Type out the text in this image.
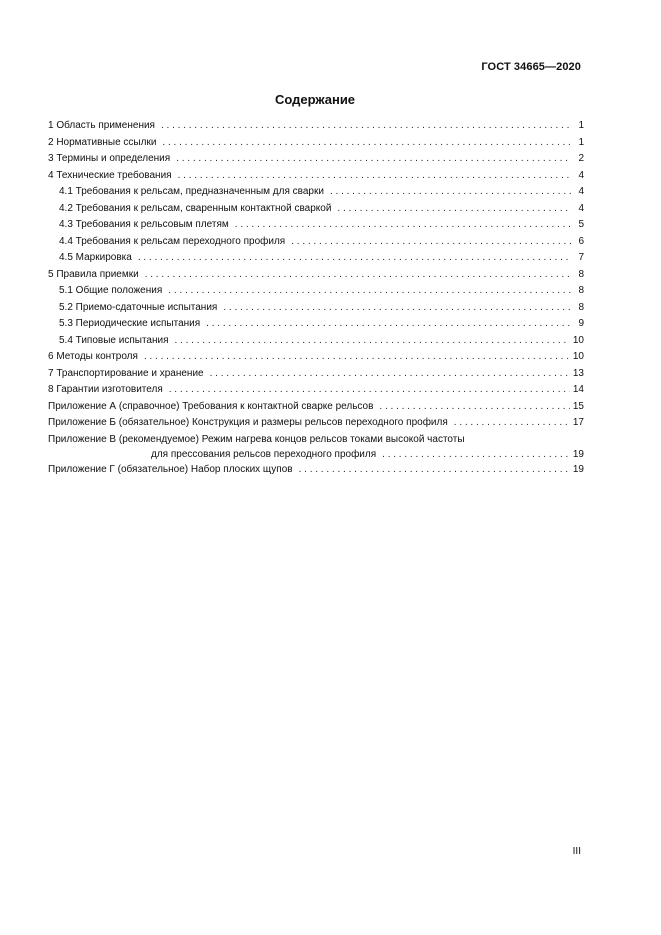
ГОСТ 34665—2020
Содержание
1 Область применения . . .	1
2 Нормативные ссылки . . .	1
3 Термины и определения . . .	2
4 Технические требования . . .	4
4.1 Требования к рельсам, предназначенным для сварки . . .	4
4.2 Требования к рельсам, сваренным контактной сваркой . . .	4
4.3 Требования к рельсовым плетям . . .	5
4.4 Требования к рельсам переходного профиля . . .	6
4.5 Маркировка . . .	7
5 Правила приемки . . .	8
5.1 Общие положения . . .	8
5.2 Приемо-сдаточные испытания . . .	8
5.3 Периодические испытания . . .	9
5.4 Типовые испытания . . .	10
6 Методы контроля . . .	10
7 Транспортирование и хранение . . .	13
8 Гарантии изготовителя . . .	14
Приложение А (справочное) Требования к контактной сварке рельсов . . .	15
Приложение Б (обязательное) Конструкция и размеры рельсов переходного профиля . . .	17
Приложение В (рекомендуемое) Режим нагрева концов рельсов токами высокой частоты
для прессования рельсов переходного профиля . . .	19
Приложение Г (обязательное) Набор плоских щупов . . .	19
III
